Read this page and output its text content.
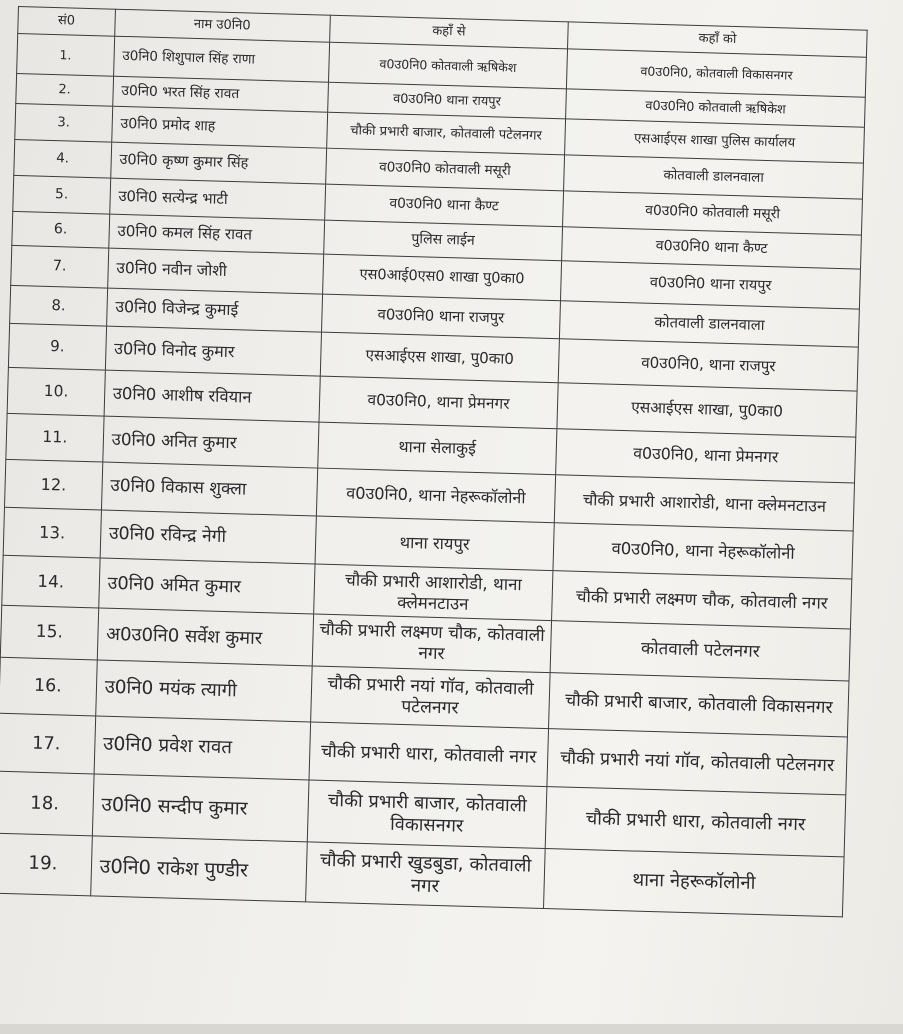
सं0	नाम उ0नि0	कहाँ से	कहाँ को
1.	उ0नि0 शिशुपाल सिंह राणा	व0उ0नि0 कोतवाली ऋषिकेश	व0उ0नि0, कोतवाली विकासनगर
2.	उ0नि0 भरत सिंह रावत	व0उ0नि0 थाना रायपुर	व0उ0नि0 कोतवाली ऋषिकेश
3.	उ0नि0 प्रमोद शाह	चौकी प्रभारी बाजार, कोतवाली पटेलनगर	एसआईएस शाखा पुलिस कार्यालय
4.	उ0नि0 कृष्ण कुमार सिंह	व0उ0नि0 कोतवाली मसूरी	कोतवाली डालनवाला
5.	उ0नि0 सत्येन्द्र भाटी	व0उ0नि0 थाना कैण्ट	व0उ0नि0 कोतवाली मसूरी
6.	उ0नि0 कमल सिंह रावत	पुलिस लाईन	व0उ0नि0 थाना कैण्ट
7.	उ0नि0 नवीन जोशी	एस0आई0एस0 शाखा पु0का0	व0उ0नि0 थाना रायपुर
8.	उ0नि0 विजेन्द्र कुमाई	व0उ0नि0 थाना राजपुर	कोतवाली डालनवाला
9.	उ0नि0 विनोद कुमार	एसआईएस शाखा, पु0का0	व0उ0नि0, थाना राजपुर
10.	उ0नि0 आशीष रवियान	व0उ0नि0, थाना प्रेमनगर	एसआईएस शाखा, पु0का0
11.	उ0नि0 अनित कुमार	थाना सेलाकुई	व0उ0नि0, थाना प्रेमनगर
12.	उ0नि0 विकास शुक्ला	व0उ0नि0, थाना नेहरूकॉलोनी	चौकी प्रभारी आशारोडी, थाना क्लेमनटाउन
13.	उ0नि0 रविन्द्र नेगी	थाना रायपुर	व0उ0नि0, थाना नेहरूकॉलोनी
14.	उ0नि0 अमित कुमार	चौकी प्रभारी आशारोडी, थाना क्लेमनटाउन	चौकी प्रभारी लक्ष्मण चौक, कोतवाली नगर
15.	अ0उ0नि0 सर्वेश कुमार	चौकी प्रभारी लक्ष्मण चौक, कोतवाली नगर	कोतवाली पटेलनगर
16.	उ0नि0 मयंक त्यागी	चौकी प्रभारी नयां गॉव, कोतवाली पटेलनगर	चौकी प्रभारी बाजार, कोतवाली विकासनगर
17.	उ0नि0 प्रवेश रावत	चौकी प्रभारी धारा, कोतवाली नगर	चौकी प्रभारी नयां गॉव, कोतवाली पटेलनगर
18.	उ0नि0 सन्दीप कुमार	चौकी प्रभारी बाजार, कोतवाली विकासनगर	चौकी प्रभारी धारा, कोतवाली नगर
19.	उ0नि0 राकेश पुण्डीर	चौकी प्रभारी खुडबुडा, कोतवाली नगर	थाना नेहरूकॉलोनी
